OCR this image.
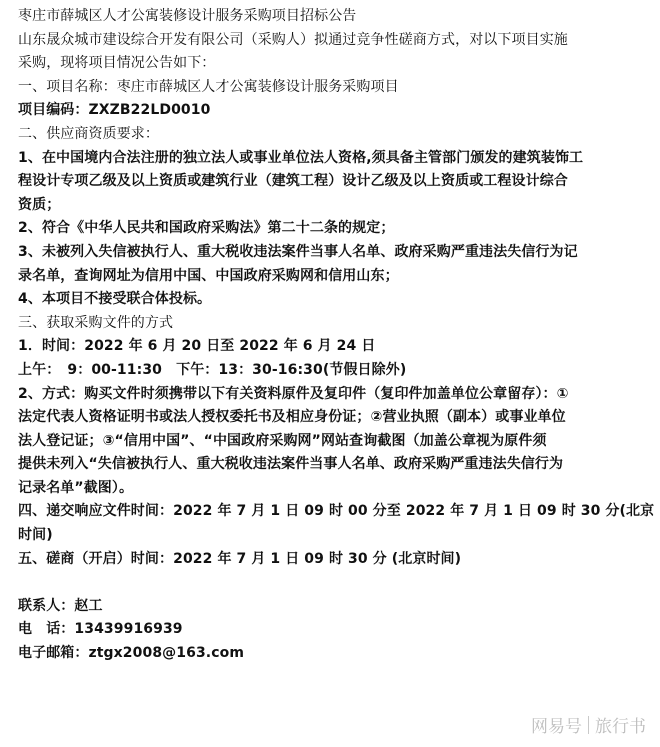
枣庄市薛城区人才公寓装修设计服务采购项目招标公告
山东晟众城市建设综合开发有限公司（采购人）拟通过竞争性磋商方式，对以下项目实施
采购，现将项目情况公告如下：
一、项目名称：枣庄市薛城区人才公寓装修设计服务采购项目
项目编码：ZXZB22LD0010
二、供应商资质要求：
1、在中国境内合法注册的独立法人或事业单位法人资格,须具备主管部门颁发的建筑装饰工
程设计专项乙级及以上资质或建筑行业（建筑工程）设计乙级及以上资质或工程设计综合
资质；
2、符合《中华人民共和国政府采购法》第二十二条的规定；
3、未被列入失信被执行人、重大税收违法案件当事人名单、政府采购严重违法失信行为记
录名单，查询网址为信用中国、中国政府采购网和信用山东；
4、本项目不接受联合体投标。
三、获取采购文件的方式
1．时间：2022 年 6 月 20 日至 2022 年 6 月 24 日
上午：　9：00-11:30　下午：13：30-16:30(节假日除外)
2、方式：购买文件时须携带以下有关资料原件及复印件（复印件加盖单位公章留存）：①
法定代表人资格证明书或法人授权委托书及相应身份证；②营业执照（副本）或事业单位
法人登记证；③“信用中国”、“中国政府采购网”网站查询截图（加盖公章视为原件须
提供未列入“失信被执行人、重大税收违法案件当事人名单、政府采购严重违法失信行为
记录名单”截图）。
四、递交响应文件时间：2022 年 7 月 1 日 09 时 00 分至 2022 年 7 月 1 日 09 时 30 分(北京
时间)
五、磋商（开启）时间：2022 年 7 月 1 日 09 时 30 分 (北京时间)
联系人：赵工
电　话：13439916939
电子邮箱：ztgx2008@163.com
网易号 旅行书
